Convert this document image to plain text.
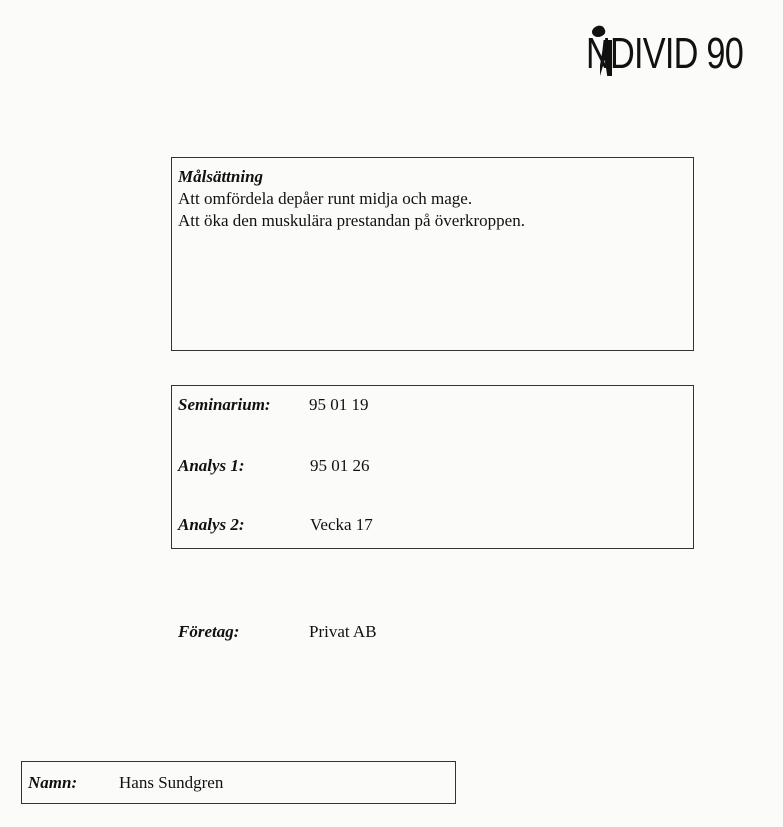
NDIVID 90
Målsättning
Att omfördela depåer runt midja och mage.
Att öka den muskulära prestandan på överkroppen.
Seminarium: 95 01 19
Analys 1:	95 01 26
Analys 2:	Vecka 17
Företag:	Privat AB
Namn: Hans Sundgren
